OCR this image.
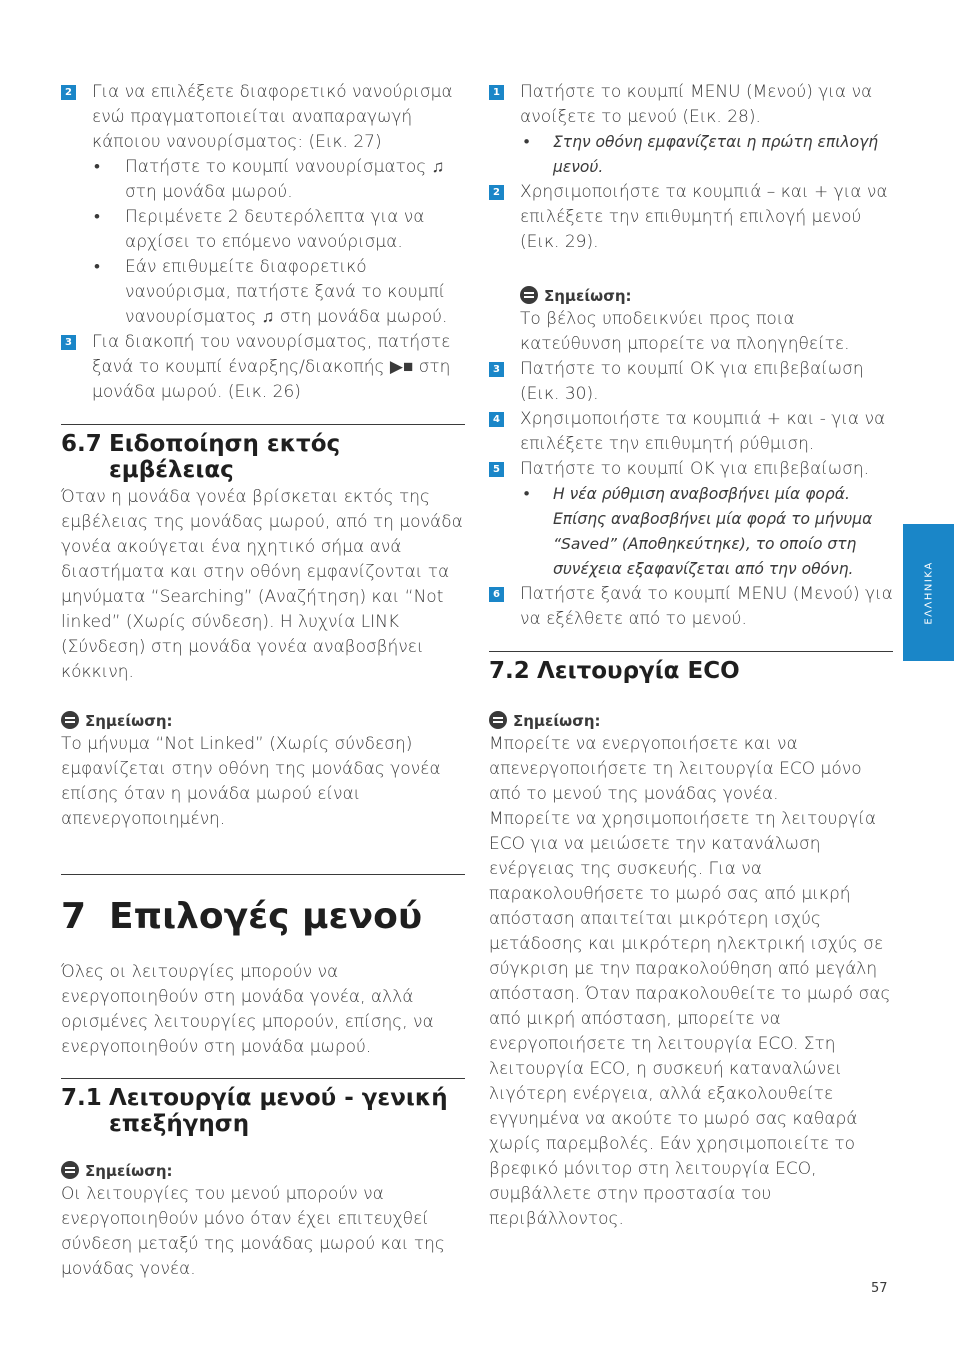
2 Για να επιλέξετε διαφορετικό νανούρισμα ενώ πραγματοποιείται αναπαραγωγή κάποιου νανουρίσματος: (Εικ. 27)
• Πατήστε το κουμπί νανουρίσματος ♫ στη μονάδα μωρού.
• Περιμένετε 2 δευτερόλεπτα για να αρχίσει το επόμενο νανούρισμα.
• Εάν επιθυμείτε διαφορετικό νανούρισμα, πατήστε ξανά το κουμπί νανουρίσματος ♫ στη μονάδα μωρού.
3 Για διακοπή του νανουρίσματος, πατήστε ξανά το κουμπί έναρξης/διακοπής ▶■ στη μονάδα μωρού. (Εικ. 26)
6.7 Ειδοποίηση εκτός εμβέλειας

Όταν η μονάδα γονέα βρίσκεται εκτός της εμβέλειας της μονάδας μωρού, από τη μονάδα γονέα ακούγεται ένα ηχητικό σήμα ανά διαστήματα και στην οθόνη εμφανίζονται τα μηνύματα “Searching” (Αναζήτηση) και “Not linked” (Χωρίς σύνδεση). Η λυχνία LINK (Σύνδεση) στη μονάδα γονέα αναβοσβήνει κόκκινη.

Σημείωση:

Το μήνυμα “Not Linked” (Χωρίς σύνδεση) εμφανίζεται στην οθόνη της μονάδας γονέα επίσης όταν η μονάδα μωρού είναι απενεργοποιημένη.

7 Επιλογές μενού

Όλες οι λειτουργίες μπορούν να ενεργοποιηθούν στη μονάδα γονέα, αλλά ορισμένες λειτουργίες μπορούν, επίσης, να ενεργοποιηθούν στη μονάδα μωρού.

7.1 Λειτουργία μενού - γενική επεξήγηση
Σημείωση:

Οι λειτουργίες του μενού μπορούν να ενεργοποιηθούν μόνο όταν έχει επιτευχθεί σύνδεση μεταξύ της μονάδας μωρού και της μονάδας γονέα.

1 Πατήστε το κουμπί MENU (Μενού) για να ανοίξετε το μενού (Εικ. 28).
• Στην οθόνη εμφανίζεται η πρώτη επιλογή μενού.
2 Χρησιμοποιήστε τα κουμπιά – και + για να επιλέξετε την επιθυμητή επιλογή μενού (Εικ. 29).
Σημείωση:

Το βέλος υποδεικνύει προς ποια κατεύθυνση μπορείτε να πλοηγηθείτε.

3 Πατήστε το κουμπί OK για επιβεβαίωση (Εικ. 30).
4 Χρησιμοποιήστε τα κουμπιά + και - για να επιλέξετε την επιθυμητή ρύθμιση.
5 Πατήστε το κουμπί OK για επιβεβαίωση.
• Η νέα ρύθμιση αναβοσβήνει μία φορά. Επίσης αναβοσβήνει μία φορά το μήνυμα “Saved” (Αποθηκεύτηκε), το οποίο στη συνέχεια εξαφανίζεται από την οθόνη.
6 Πατήστε ξανά το κουμπί MENU (Μενού) για να εξέλθετε από το μενού.
7.2 Λειτουργία ECO
Σημείωση:

Μπορείτε να ενεργοποιήσετε και να απενεργοποιήσετε τη λειτουργία ECO μόνο από το μενού της μονάδας γονέα.

Μπορείτε να χρησιμοποιήσετε τη λειτουργία ECO για να μειώσετε την κατανάλωση ενέργειας της συσκευής. Για να παρακολουθήσετε το μωρό σας από μικρή απόσταση απαιτείται μικρότερη ισχύς μετάδοσης και μικρότερη ηλεκτρική ισχύς σε σύγκριση με την παρακολούθηση από μεγάλη απόσταση. Όταν παρακολουθείτε το μωρό σας από μικρή απόσταση, μπορείτε να ενεργοποιήσετε τη λειτουργία ECO. Στη λειτουργία ECO, η συσκευή καταναλώνει λιγότερη ενέργεια, αλλά εξακολουθείτε εγγυημένα να ακούτε το μωρό σας καθαρά χωρίς παρεμβολές. Εάν χρησιμοποιείτε το βρεφικό μόνιτορ στη λειτουργία ECO, συμβάλλετε στην προστασία του περιβάλλοντος.

ΕΛΛΗΝΙΚΑ
57
